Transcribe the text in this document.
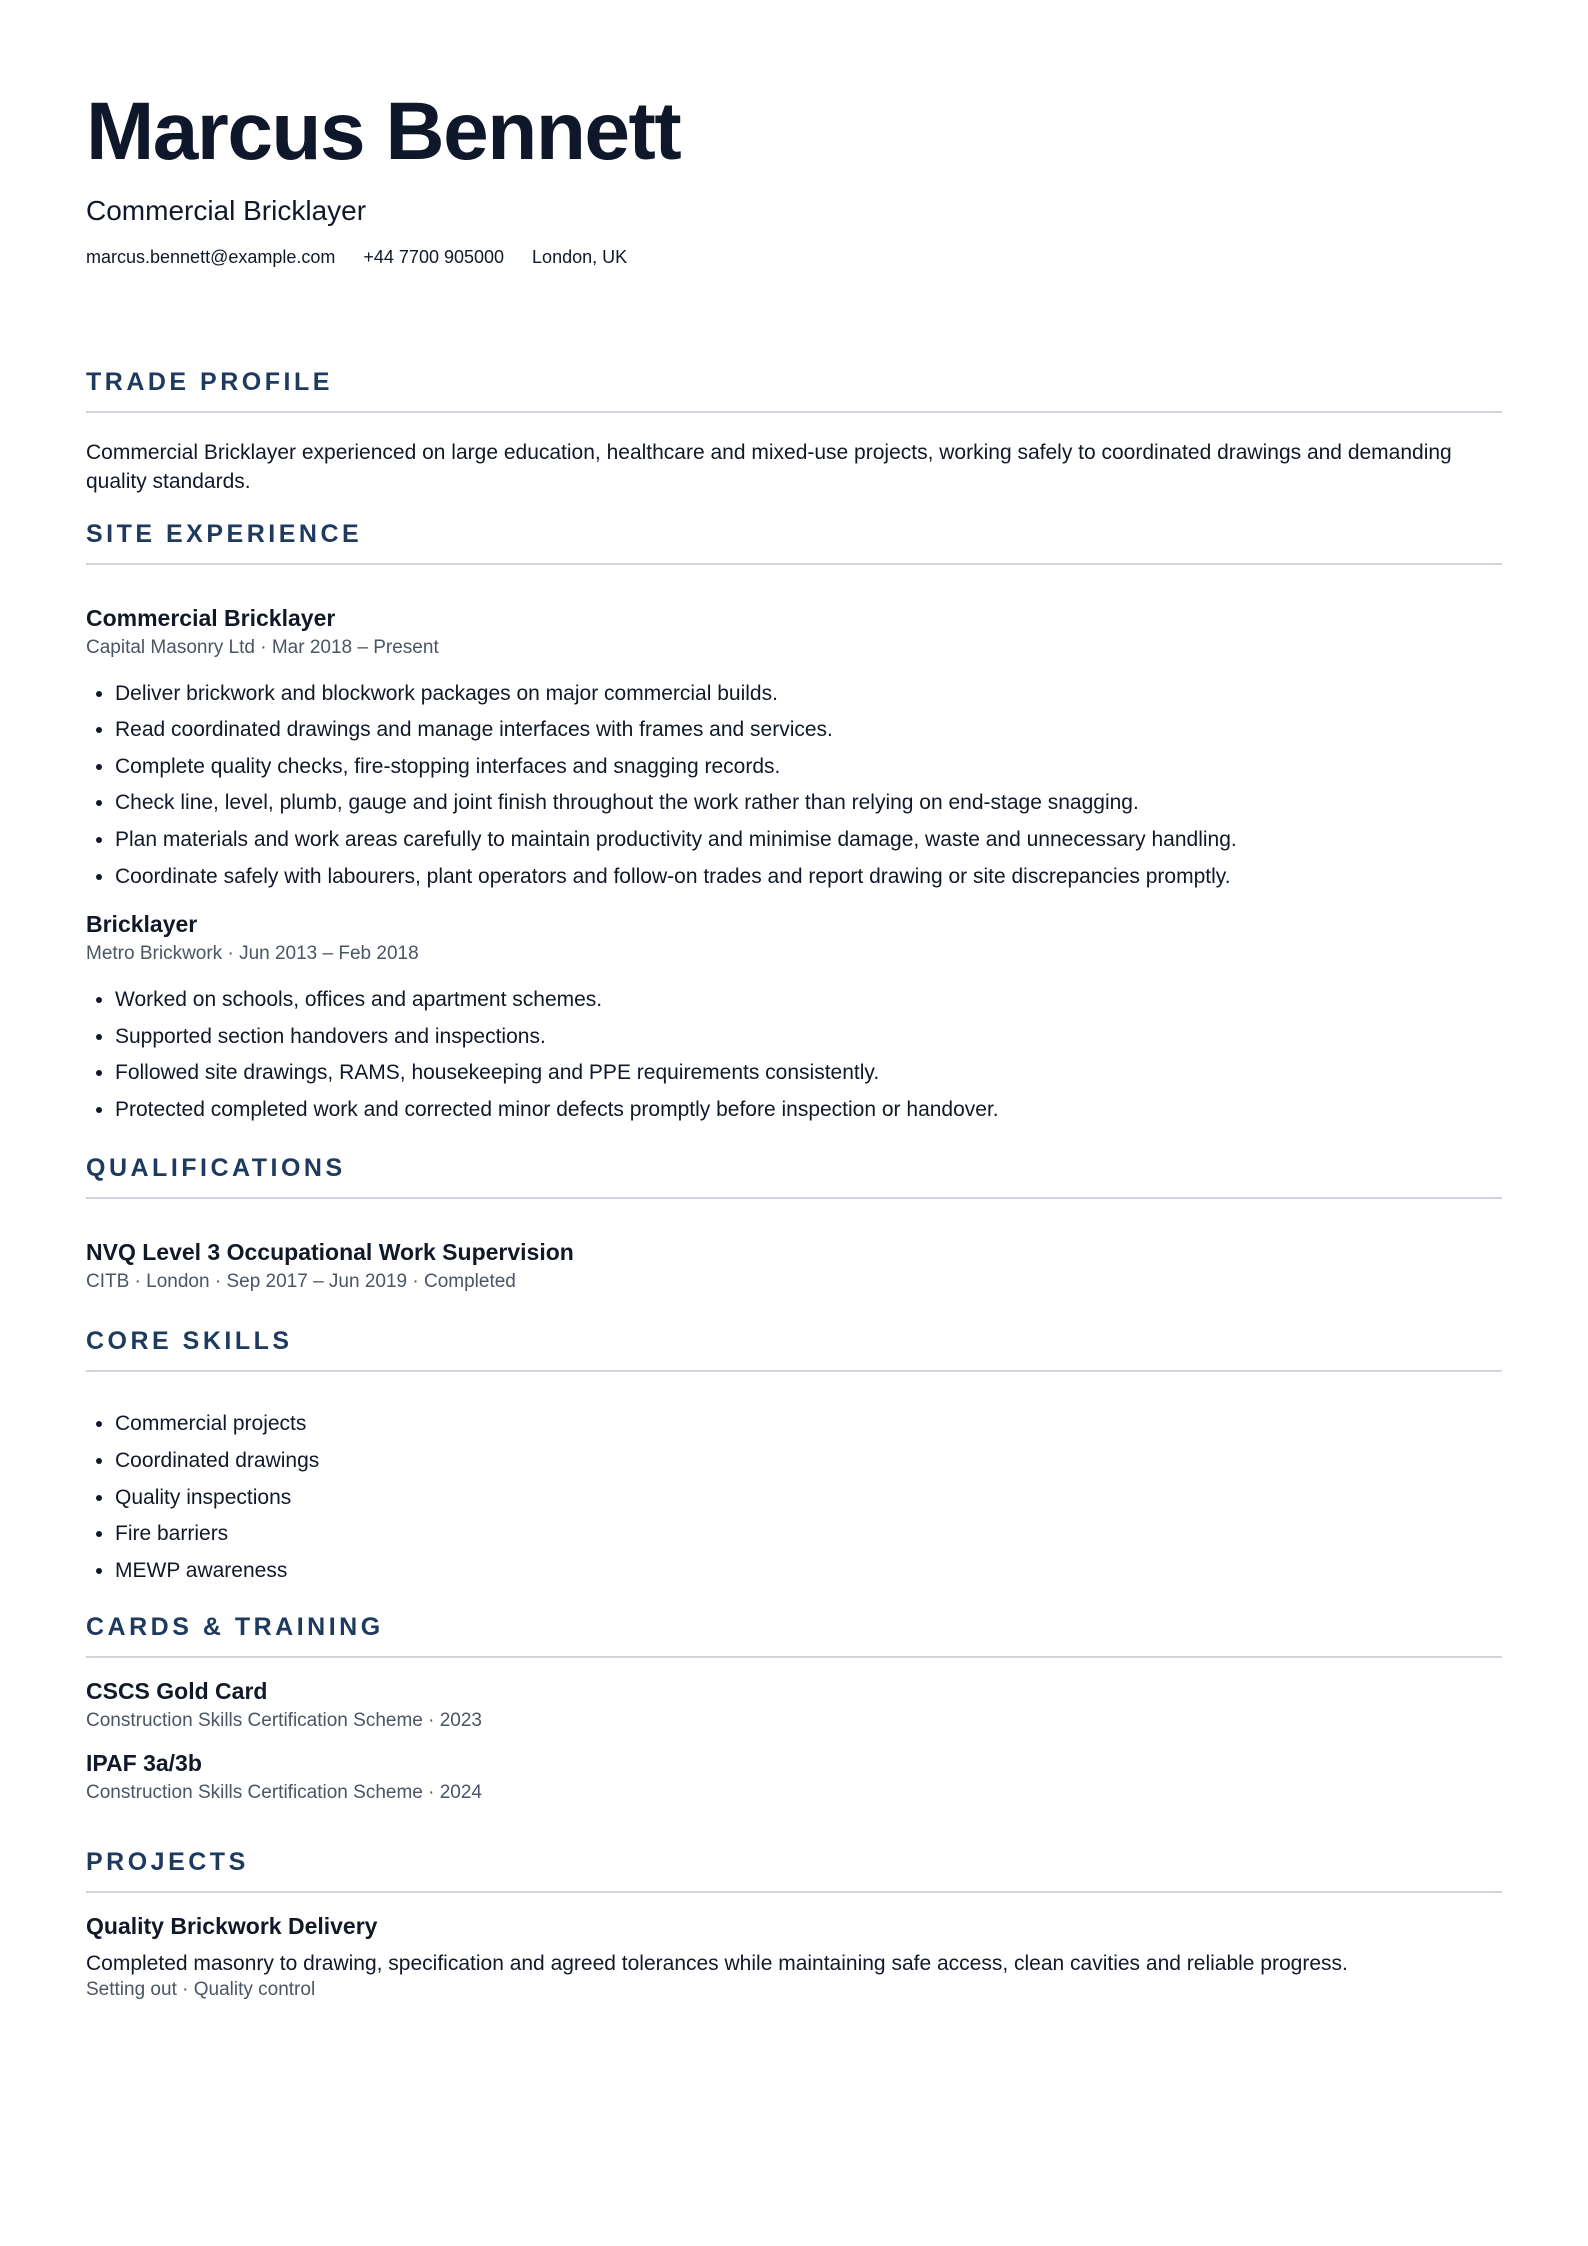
Marcus Bennett
Commercial Bricklayer
marcus.bennett@example.com +44 7700 905000 London, UK
TRADE PROFILE
Commercial Bricklayer experienced on large education, healthcare and mixed-use projects, working safely to coordinated drawings and demanding quality standards.
SITE EXPERIENCE
Commercial Bricklayer
Capital Masonry Ltd · Mar 2018 – Present
• Deliver brickwork and blockwork packages on major commercial builds.
• Read coordinated drawings and manage interfaces with frames and services.
• Complete quality checks, fire-stopping interfaces and snagging records.
• Check line, level, plumb, gauge and joint finish throughout the work rather than relying on end-stage snagging.
• Plan materials and work areas carefully to maintain productivity and minimise damage, waste and unnecessary handling.
• Coordinate safely with labourers, plant operators and follow-on trades and report drawing or site discrepancies promptly.
Bricklayer
Metro Brickwork · Jun 2013 – Feb 2018
• Worked on schools, offices and apartment schemes.
• Supported section handovers and inspections.
• Followed site drawings, RAMS, housekeeping and PPE requirements consistently.
• Protected completed work and corrected minor defects promptly before inspection or handover.
QUALIFICATIONS
NVQ Level 3 Occupational Work Supervision
CITB · London · Sep 2017 – Jun 2019 · Completed
CORE SKILLS
• Commercial projects
• Coordinated drawings
• Quality inspections
• Fire barriers
• MEWP awareness
CARDS & TRAINING
CSCS Gold Card
Construction Skills Certification Scheme · 2023
IPAF 3a/3b
Construction Skills Certification Scheme · 2024
PROJECTS
Quality Brickwork Delivery
Completed masonry to drawing, specification and agreed tolerances while maintaining safe access, clean cavities and reliable progress.
Setting out · Quality control
